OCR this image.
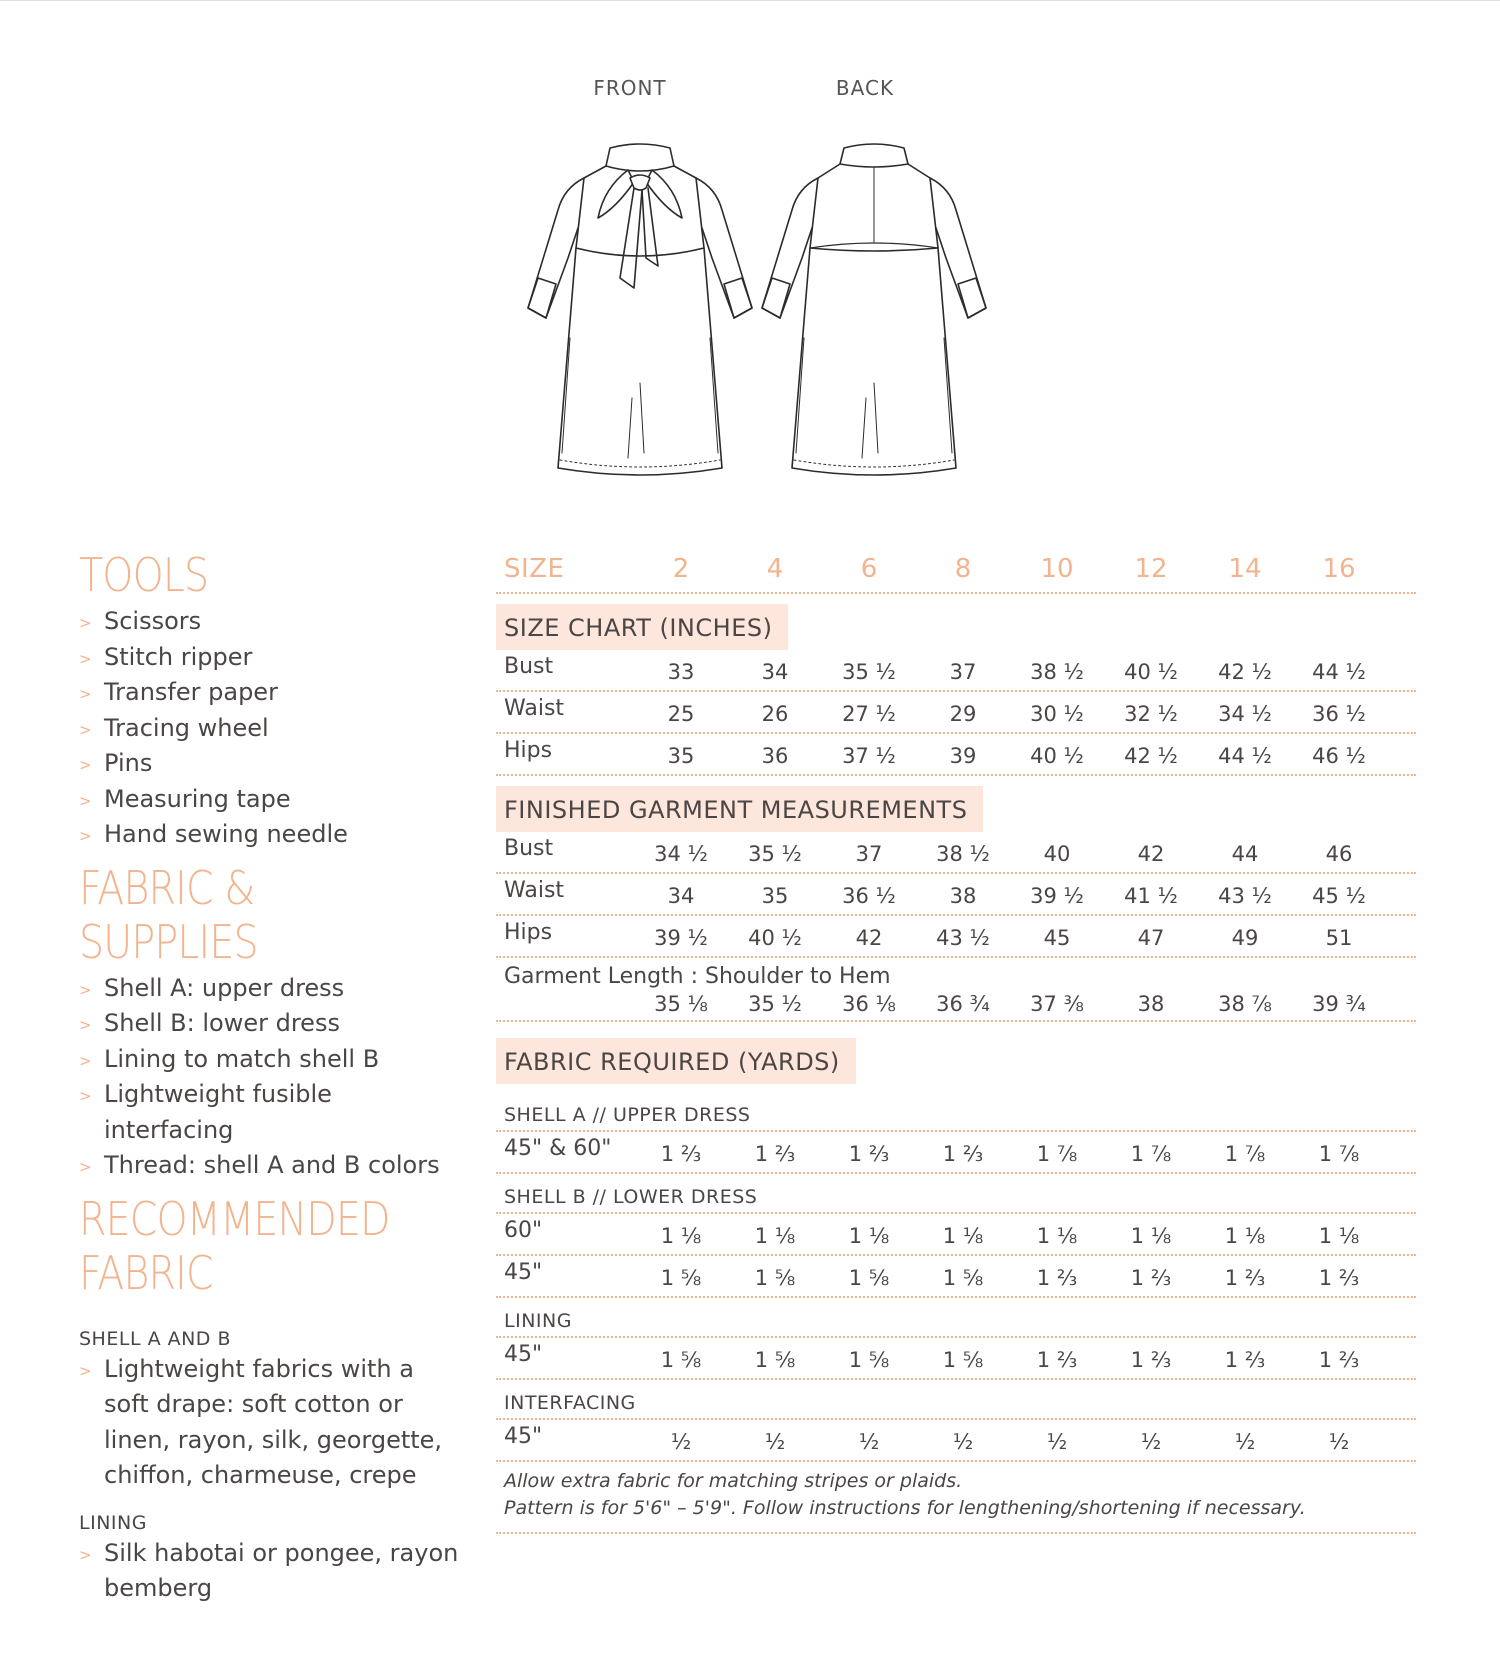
FRONT	BACK
TOOLS
> Scissors
> Stitch ripper
> Transfer paper
> Tracing wheel
> Pins
> Measuring tape
> Hand sewing needle
FABRIC & SUPPLIES
> Shell A: upper dress
> Shell B: lower dress
> Lining to match shell B
> Lightweight fusible interfacing
> Thread: shell A and B colors
RECOMMENDED
FABRIC
SHELL A AND B
> Lightweight fabrics with a soft drape: soft cotton or linen, rayon, silk, georgette, chiffon, charmeuse, crepe
LINING
> Silk habotai or pongee, rayon bemberg
SIZE	2	4	6	8	10	12	14	16
SIZE CHART (INCHES)
Bust	33	34	35 ½	37	38 ½	40 ½	42 ½	44 ½
Waist	25	26	27 ½	29	30 ½	32 ½	34 ½	36 ½
Hips	35	36	37 ½	39	40 ½	42 ½	44 ½	46 ½
FINISHED GARMENT MEASUREMENTS
Bust	34 ½	35 ½	37	38 ½	40	42	44	46
Waist	34	35	36 ½	38	39 ½	41 ½	43 ½	45 ½
Hips	39 ½	40 ½	42	43 ½	45	47	49	51
Garment Length : Shoulder to Hem
35 ⅛	35 ½	36 ⅛	36 ¾	37 ⅜	38	38 ⅞	39 ¾
FABRIC REQUIRED (YARDS)
SHELL A // UPPER DRESS
45" & 60"	1 ⅔	1 ⅔	1 ⅔	1 ⅔	1 ⅞	1 ⅞	1 ⅞	1 ⅞
SHELL B // LOWER DRESS
60"	1 ⅛	1 ⅛	1 ⅛	1 ⅛	1 ⅛	1 ⅛	1 ⅛	1 ⅛
45"	1 ⅝	1 ⅝	1 ⅝	1 ⅝	1 ⅔	1 ⅔	1 ⅔	1 ⅔
LINING
45"	1 ⅝	1 ⅝	1 ⅝	1 ⅝	1 ⅔	1 ⅔	1 ⅔	1 ⅔
INTERFACING
45"	½	½	½	½	½	½	½	½
Allow extra fabric for matching stripes or plaids.
Pattern is for 5'6" – 5'9". Follow instructions for lengthening/shortening if necessary.
